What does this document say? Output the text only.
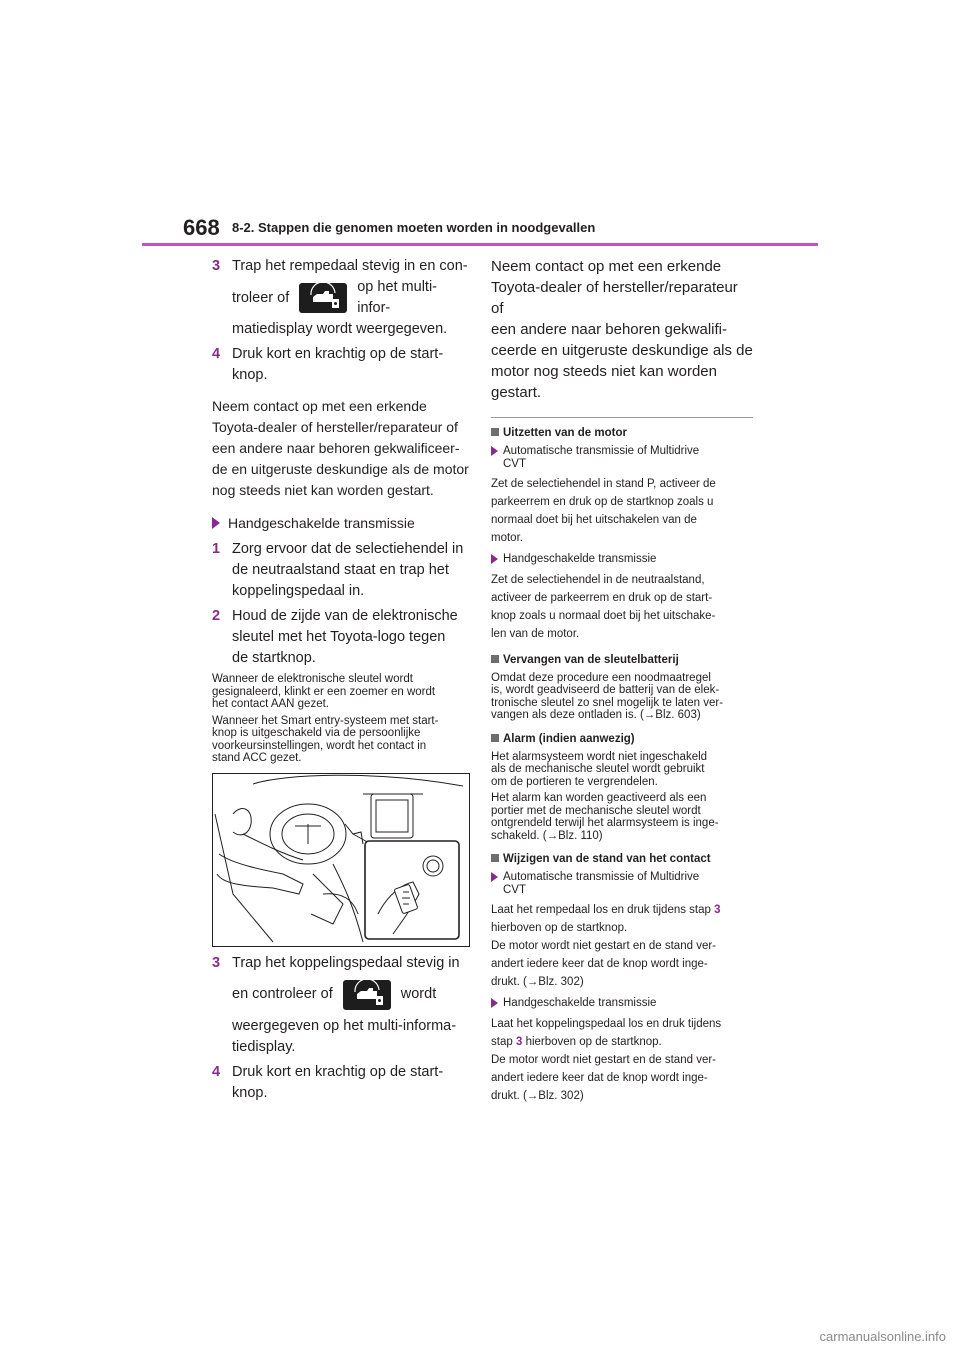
668 8-2. Stappen die genomen moeten worden in noodgevallen
3 Trap het rempedaal stevig in en con-
troleer of
op het multi-infor-
matiedisplay wordt weergegeven.
4 Druk kort en krachtig op de start-
knop.
Neem contact op met een erkende
Toyota-dealer of hersteller/reparateur of
een andere naar behoren gekwalificeer-
de en uitgeruste deskundige als de motor
nog steeds niet kan worden gestart.
Handgeschakelde transmissie
1 Zorg ervoor dat de selectiehendel in
de neutraalstand staat en trap het
koppelingspedaal in.
2 Houd de zijde van de elektronische
sleutel met het Toyota-logo tegen
de startknop.
Wanneer de elektronische sleutel wordt
gesignaleerd, klinkt er een zoemer en wordt
het contact AAN gezet.
Wanneer het Smart entry-systeem met start-
knop is uitgeschakeld via de persoonlijke
voorkeursinstellingen, wordt het contact in
stand ACC gezet.
3 Trap het koppelingspedaal stevig in
en controleer of	wordt
weergegeven op het multi-informa-
tiedisplay.
4 Druk kort en krachtig op de start-
knop.
Neem contact op met een erkende
Toyota-dealer of hersteller/reparateur of
een andere naar behoren gekwalifi-
ceerde en uitgeruste deskundige als de
motor nog steeds niet kan worden
gestart.
Uitzetten van de motor
Automatische transmissie of Multidrive
CVT
Zet de selectiehendel in stand P, activeer de
parkeerrem en druk op de startknop zoals u
normaal doet bij het uitschakelen van de
motor.
Handgeschakelde transmissie
Zet de selectiehendel in de neutraalstand,
activeer de parkeerrem en druk op de start-
knop zoals u normaal doet bij het uitschake-
len van de motor.
Vervangen van de sleutelbatterij
Omdat deze procedure een noodmaatregel
is, wordt geadviseerd de batterij van de elek-
tronische sleutel zo snel mogelijk te laten ver-
vangen als deze ontladen is. (→Blz. 603)
Alarm (indien aanwezig)
Het alarmsysteem wordt niet ingeschakeld
als de mechanische sleutel wordt gebruikt
om de portieren te vergrendelen.
Het alarm kan worden geactiveerd als een
portier met de mechanische sleutel wordt
ontgrendeld terwijl het alarmsysteem is inge-
schakeld. (→Blz. 110)
Wijzigen van de stand van het contact
Automatische transmissie of Multidrive
CVT
Laat het rempedaal los en druk tijdens stap 3
hierboven op de startknop.
De motor wordt niet gestart en de stand ver-
andert iedere keer dat de knop wordt inge-
drukt. (→Blz. 302)
Handgeschakelde transmissie
Laat het koppelingspedaal los en druk tijdens
stap 3 hierboven op de startknop.
De motor wordt niet gestart en de stand ver-
andert iedere keer dat de knop wordt inge-
drukt. (→Blz. 302)
carmanualsonline.info
